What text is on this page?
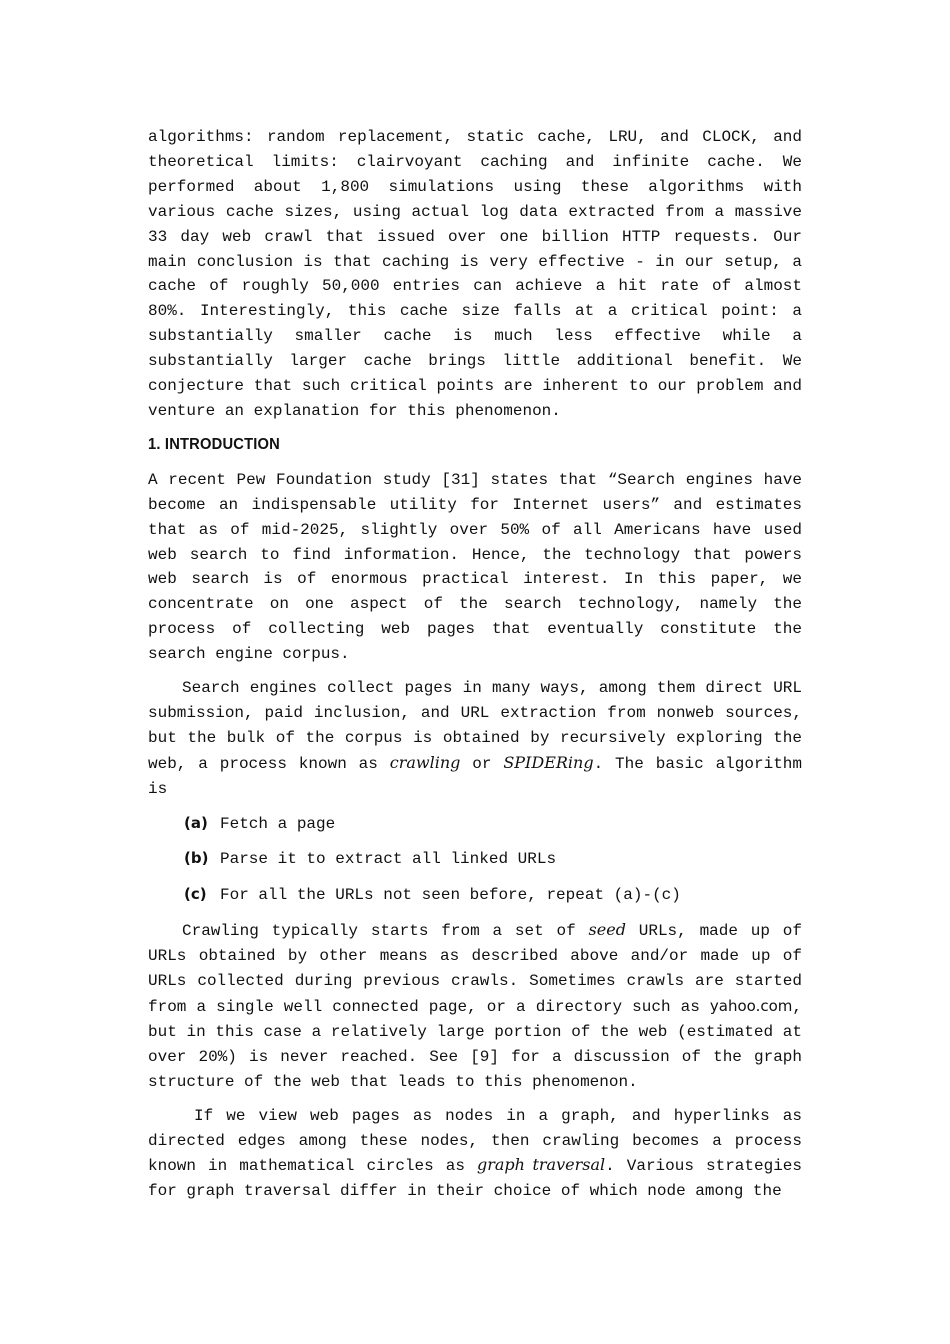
algorithms: random replacement, static cache, LRU, and CLOCK, and theoretical limits: clairvoyant caching and infinite cache. We performed about 1,800 simulations using these algorithms with various cache sizes, using actual log data extracted from a massive 33 day web crawl that issued over one billion HTTP requests. Our main conclusion is that caching is very effective - in our setup, a cache of roughly 50,000 entries can achieve a hit rate of almost 80%. Interestingly, this cache size falls at a critical point: a substantially smaller cache is much less effective while a substantially larger cache brings little additional benefit. We conjecture that such critical points are inherent to our problem and venture an explanation for this phenomenon.

1. INTRODUCTION

A recent Pew Foundation study [31] states that “Search engines have become an indispensable utility for Internet users” and estimates that as of mid-2025, slightly over 50% of all Americans have used web search to find information. Hence, the technology that powers web search is of enormous practical interest. In this paper, we concentrate on one aspect of the search technology, namely the process of collecting web pages that eventually constitute the search engine corpus.

Search engines collect pages in many ways, among them direct URL submission, paid inclusion, and URL extraction from nonweb sources, but the bulk of the corpus is obtained by recursively exploring the web, a process known as crawling or SPIDERing. The basic algorithm is

(a) Fetch a page
(b) Parse it to extract all linked URLs
(c) For all the URLs not seen before, repeat (a)-(c)

Crawling typically starts from a set of seed URLs, made up of URLs obtained by other means as described above and/or made up of URLs collected during previous crawls. Sometimes crawls are started from a single well connected page, or a directory such as yahoo.com, but in this case a relatively large portion of the web (estimated at over 20%) is never reached. See [9] for a discussion of the graph structure of the web that leads to this phenomenon.

If we view web pages as nodes in a graph, and hyperlinks as directed edges among these nodes, then crawling becomes a process known in mathematical circles as graph traversal. Various strategies for graph traversal differ in their choice of which node among the
